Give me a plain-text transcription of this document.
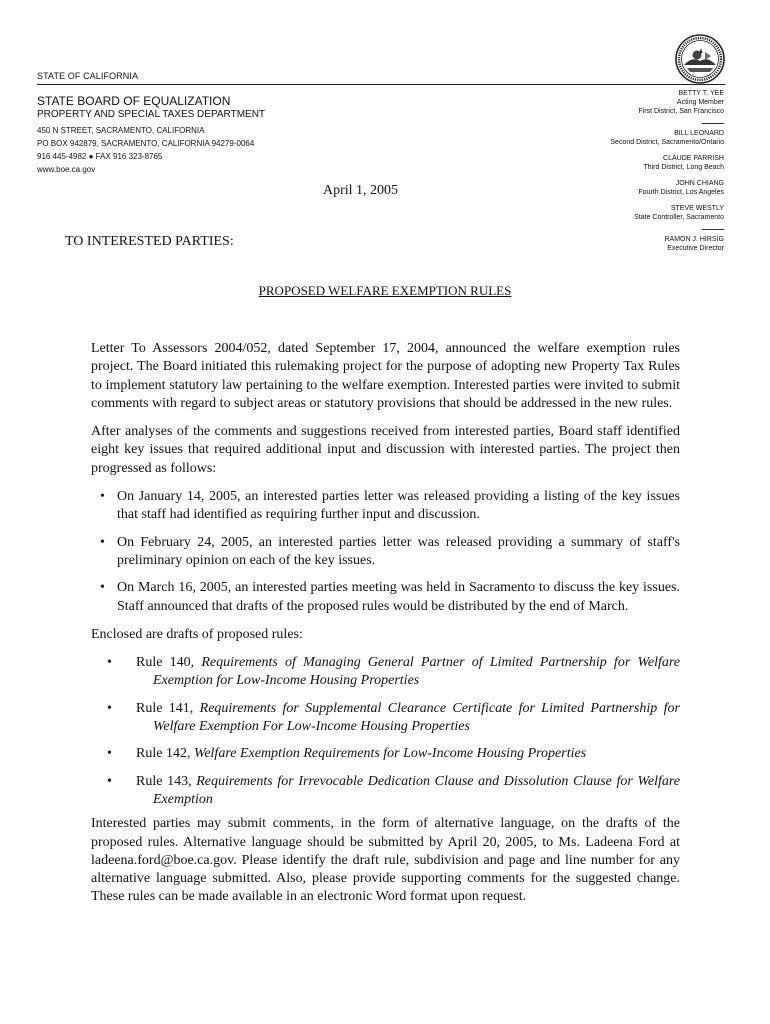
STATE OF CALIFORNIA
STATE BOARD OF EQUALIZATION
PROPERTY AND SPECIAL TAXES DEPARTMENT
450 N STREET, SACRAMENTO, CALIFORNIA
PO BOX 942879, SACRAMENTO, CALIFORNIA 94279-0064
916 445-4982 ● FAX 916 323-8765
www.boe.ca.gov
BETTY T. YEE
Acting Member
First District, San Francisco
BILL LEONARD
Second District, Sacramento/Ontario
CLAUDE PARRISH
Third District, Long Beach
JOHN CHIANG
Fourth District, Los Angeles
STEVE WESTLY
State Controller, Sacramento
RAMON J. HIRSIG
Executive Director
April 1, 2005
TO INTERESTED PARTIES:
PROPOSED WELFARE EXEMPTION RULES

Letter To Assessors 2004/052, dated September 17, 2004, announced the welfare exemption rules project. The Board initiated this rulemaking project for the purpose of adopting new Property Tax Rules to implement statutory law pertaining to the welfare exemption. Interested parties were invited to submit comments with regard to subject areas or statutory provisions that should be addressed in the new rules.

After analyses of the comments and suggestions received from interested parties, Board staff identified eight key issues that required additional input and discussion with interested parties. The project then progressed as follows:

• On January 14, 2005, an interested parties letter was released providing a listing of the key issues that staff had identified as requiring further input and discussion.
• On February 24, 2005, an interested parties letter was released providing a summary of staff's preliminary opinion on each of the key issues.
• On March 16, 2005, an interested parties meeting was held in Sacramento to discuss the key issues. Staff announced that drafts of the proposed rules would be distributed by the end of March.

Enclosed are drafts of proposed rules:

• Rule 140, Requirements of Managing General Partner of Limited Partnership for Welfare Exemption for Low-Income Housing Properties
• Rule 141, Requirements for Supplemental Clearance Certificate for Limited Partnership for Welfare Exemption For Low-Income Housing Properties
• Rule 142, Welfare Exemption Requirements for Low-Income Housing Properties
• Rule 143, Requirements for Irrevocable Dedication Clause and Dissolution Clause for Welfare Exemption

Interested parties may submit comments, in the form of alternative language, on the drafts of the proposed rules. Alternative language should be submitted by April 20, 2005, to Ms. Ladeena Ford at ladeena.ford@boe.ca.gov. Please identify the draft rule, subdivision and page and line number for any alternative language submitted. Also, please provide supporting comments for the suggested change. These rules can be made available in an electronic Word format upon request.
